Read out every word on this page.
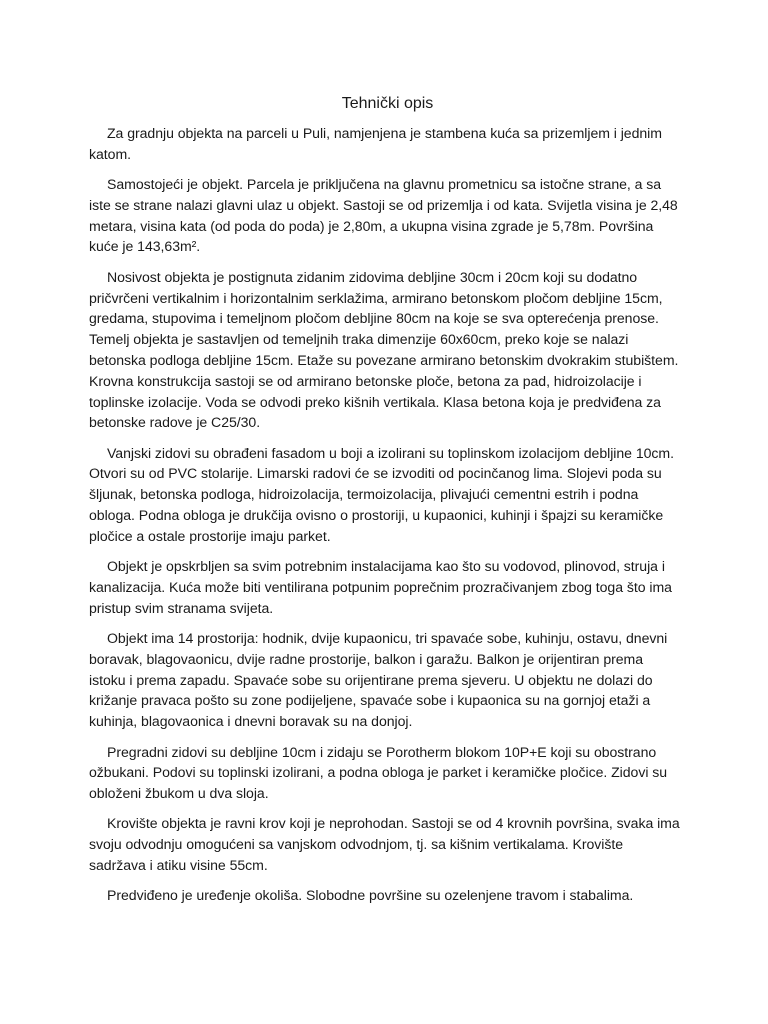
Tehnički opis

Za gradnju objekta na parceli u Puli, namjenjena je stambena kuća sa prizemljem i jednim katom.

Samostojeći je objekt. Parcela je priključena na glavnu prometnicu sa istočne strane, a sa iste se strane nalazi glavni ulaz u objekt. Sastoji se od prizemlja i od kata. Svijetla visina je 2,48 metara, visina kata (od poda do poda) je 2,80m, a ukupna visina zgrade je 5,78m. Površina kuće je 143,63m².

Nosivost objekta je postignuta zidanim zidovima debljine 30cm i 20cm koji su dodatno pričvrčeni vertikalnim i horizontalnim serklažima, armirano betonskom pločom debljine 15cm, gredama, stupovima i temeljnom pločom debljine 80cm na koje se sva opterećenja prenose. Temelj objekta je sastavljen od temeljnih traka dimenzije 60x60cm, preko koje se nalazi betonska podloga debljine 15cm. Etaže su povezane armirano betonskim dvokrakim stubištem. Krovna konstrukcija sastoji se od armirano betonske ploče, betona za pad, hidroizolacije i toplinske izolacije. Voda se odvodi preko kišnih vertikala. Klasa betona koja je predviđena za betonske radove je C25/30.

Vanjski zidovi su obrađeni fasadom u boji a izolirani su toplinskom izolacijom debljine 10cm. Otvori su od PVC stolarije. Limarski radovi će se izvoditi od pocinčanog lima. Slojevi poda su šljunak, betonska podloga, hidroizolacija, termoizolacija, plivajući cementni estrih i podna obloga. Podna obloga je drukčija ovisno o prostoriji, u kupaonici, kuhinji i špajzi su keramičke pločice a ostale prostorije imaju parket.

Objekt je opskrbljen sa svim potrebnim instalacijama kao što su vodovod, plinovod, struja i kanalizacija. Kuća može biti ventilirana potpunim poprečnim prozračivanjem zbog toga što ima pristup svim stranama svijeta.

Objekt ima 14 prostorija: hodnik, dvije kupaonicu, tri spavaće sobe, kuhinju, ostavu, dnevni boravak, blagovaonicu, dvije radne prostorije, balkon i garažu. Balkon je orijentiran prema istoku i prema zapadu. Spavaće sobe su orijentirane prema sjeveru. U objektu ne dolazi do križanje pravaca pošto su zone podijeljene, spavaće sobe i kupaonica su na gornjoj etaži a kuhinja, blagovaonica i dnevni boravak su na donjoj.

Pregradni zidovi su debljine 10cm i zidaju se Porotherm blokom 10P+E koji su obostrano ožbukani. Podovi su toplinski izolirani, a podna obloga je parket i keramičke pločice. Zidovi su obloženi žbukom u dva sloja.

Krovište objekta je ravni krov koji je neprohodan. Sastoji se od 4 krovnih površina, svaka ima svoju odvodnju omogućeni sa vanjskom odvodnjom, tj. sa kišnim vertikalama. Krovište sadržava i atiku visine 55cm.

Predviđeno je uređenje okoliša. Slobodne površine su ozelenjene travom i stabalima.
